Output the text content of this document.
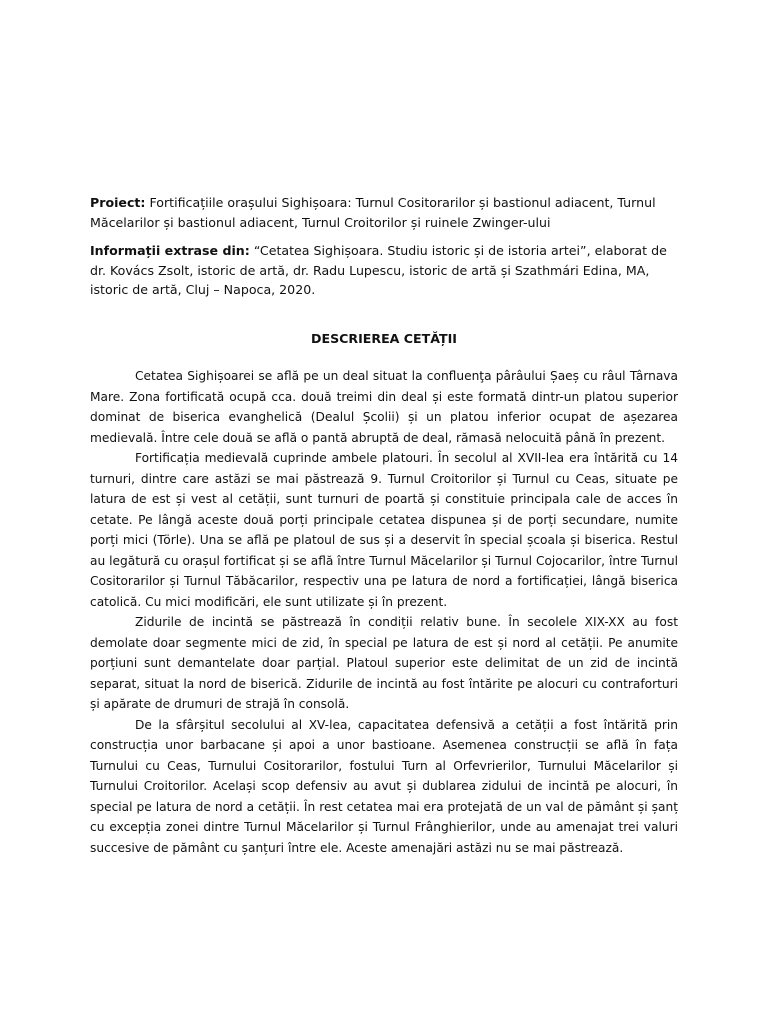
Proiect: Fortificațiile orașului Sighișoara: Turnul Cositorarilor și bastionul adiacent, Turnul Măcelarilor și bastionul adiacent, Turnul Croitorilor și ruinele Zwinger-ului

Informații extrase din: “Cetatea Sighișoara. Studiu istoric și de istoria artei”, elaborat de dr. Kovács Zsolt, istoric de artă, dr. Radu Lupescu, istoric de artă și Szathmári Edina, MA, istoric de artă, Cluj – Napoca, 2020.

DESCRIEREA CETĂȚII

Cetatea Sighișoarei se află pe un deal situat la confluenţa pârâului Șaeș cu râul Târnava Mare. Zona fortificată ocupă cca. două treimi din deal și este formată dintr-un platou superior dominat de biserica evanghelică (Dealul Școlii) și un platou inferior ocupat de așezarea medievală. Între cele două se află o pantă abruptă de deal, rămasă nelocuită până în prezent.

Fortificația medievală cuprinde ambele platouri. În secolul al XVII-lea era întărită cu 14 turnuri, dintre care astăzi se mai păstrează 9. Turnul Croitorilor și Turnul cu Ceas, situate pe latura de est și vest al cetății, sunt turnuri de poartă și constituie principala cale de acces în cetate. Pe lângă aceste două porți principale cetatea dispunea și de porți secundare, numite porți mici (Törle). Una se află pe platoul de sus și a deservit în special școala și biserica. Restul au legătură cu orașul fortificat și se află între Turnul Măcelarilor și Turnul Cojocarilor, între Turnul Cositorarilor și Turnul Tăbăcarilor, respectiv una pe latura de nord a fortificației, lângă biserica catolică. Cu mici modificări, ele sunt utilizate și în prezent.

Zidurile de incintă se păstrează în condiții relativ bune. În secolele XIX-XX au fost demolate doar segmente mici de zid, în special pe latura de est și nord al cetății. Pe anumite porțiuni sunt demantelate doar parțial. Platoul superior este delimitat de un zid de incintă separat, situat la nord de biserică. Zidurile de incintă au fost întărite pe alocuri cu contraforturi și apărate de drumuri de strajă în consolă.

De la sfârșitul secolului al XV-lea, capacitatea defensivă a cetății a fost întărită prin construcția unor barbacane și apoi a unor bastioane. Asemenea construcții se află în fața Turnului cu Ceas, Turnului Cositorarilor, fostului Turn al Orfevrierilor, Turnului Măcelarilor și Turnului Croitorilor. Același scop defensiv au avut și dublarea zidului de incintă pe alocuri, în special pe latura de nord a cetății. În rest cetatea mai era protejată de un val de pământ și șanț cu excepția zonei dintre Turnul Măcelarilor și Turnul Frânghierilor, unde au amenajat trei valuri succesive de pământ cu șanțuri între ele. Aceste amenajări astăzi nu se mai păstrează.
